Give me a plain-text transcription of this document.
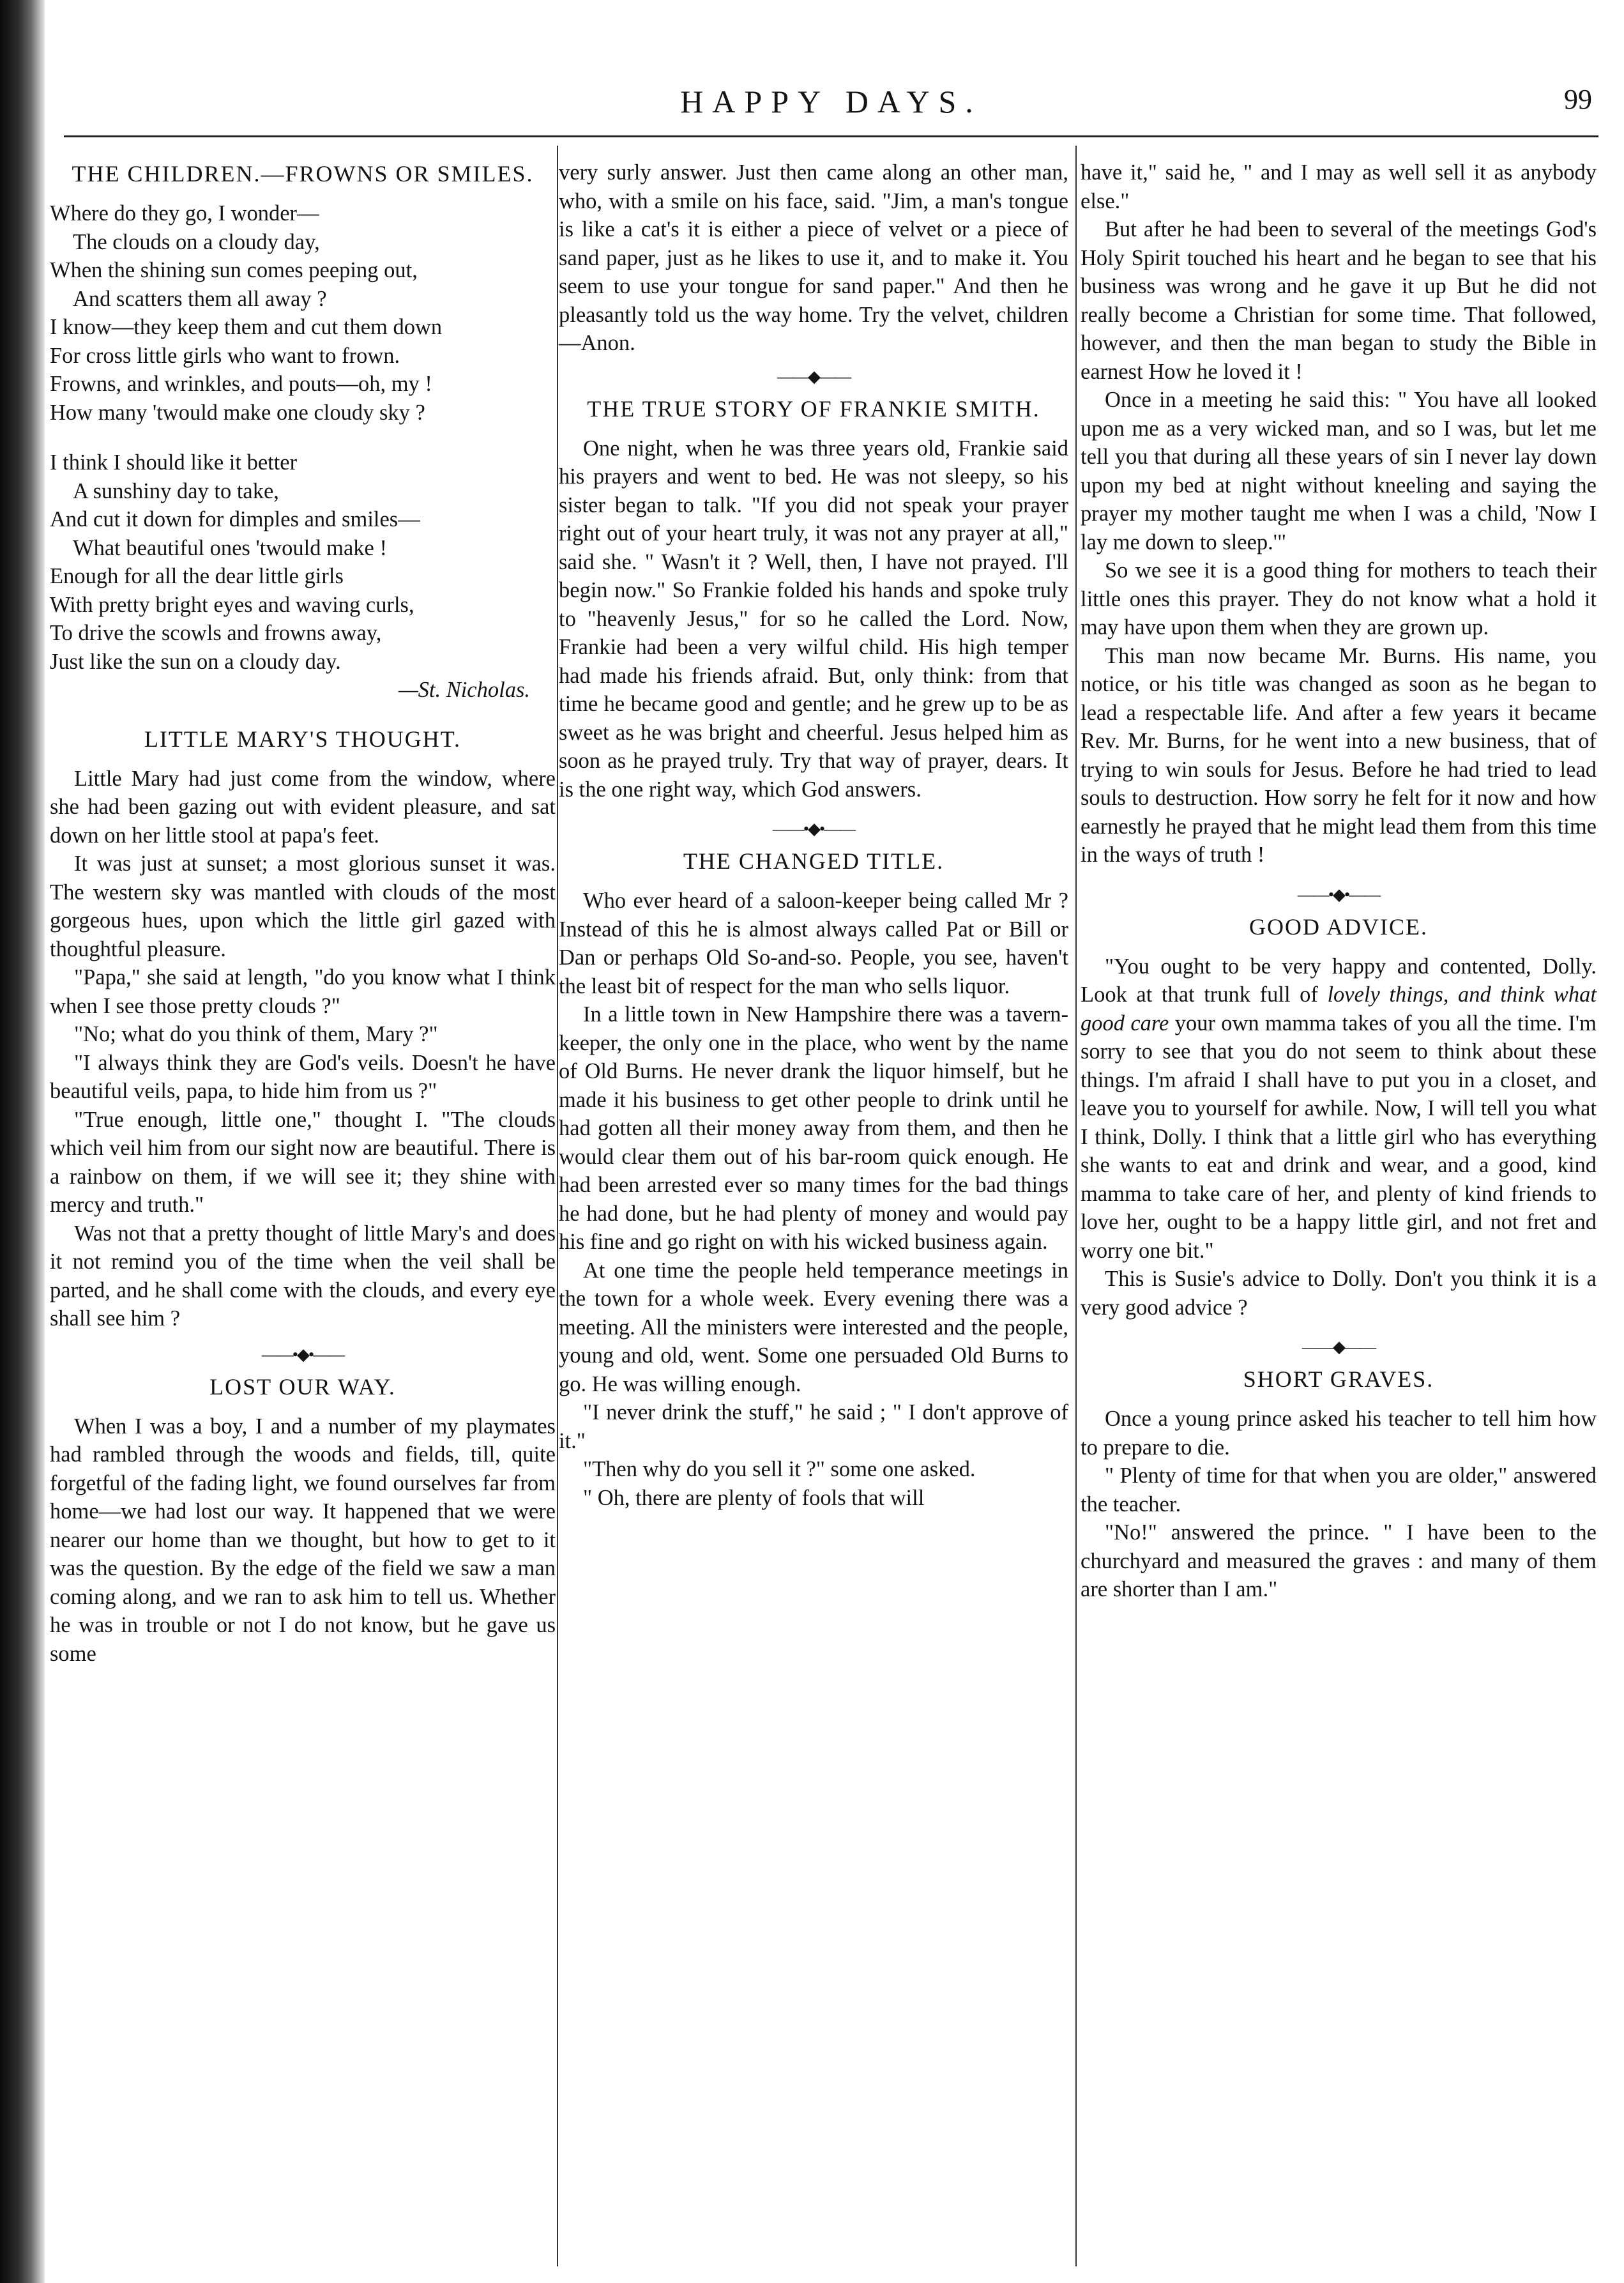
HAPPY DAYS.	99
THE CHILDREN.—FROWNS OR SMILES.
Where do they go, I wonder—
The clouds on a cloudy day,
When the shining sun comes peeping out,
And scatters them all away ?
I know—they keep them and cut them down
For cross little girls who want to frown.
Frowns, and wrinkles, and pouts—oh, my !
How many 'twould make one cloudy sky ?
I think I should like it better
A sunshiny day to take,
And cut it down for dimples and smiles—
What beautiful ones 'twould make !
Enough for all the dear little girls
With pretty bright eyes and waving curls,
To drive the scowls and frowns away,
Just like the sun on a cloudy day.
—St. Nicholas.
LITTLE MARY'S THOUGHT.

Little Mary had just come from the window, where she had been gazing out with evident pleasure, and sat down on her little stool at papa's feet.

It was just at sunset; a most glorious sunset it was. The western sky was mantled with clouds of the most gorgeous hues, upon which the little girl gazed with thoughtful pleasure.

"Papa," she said at length, "do you know what I think when I see those pretty clouds ?"

"No; what do you think of them, Mary ?"

"I always think they are God's veils. Doesn't he have beautiful veils, papa, to hide him from us ?"

"True enough, little one," thought I. "The clouds which veil him from our sight now are beautiful. There is a rainbow on them, if we will see it; they shine with mercy and truth."

Was not that a pretty thought of little Mary's and does it not remind you of the time when the veil shall be parted, and he shall come with the clouds, and every eye shall see him ?

——•◆•——
LOST OUR WAY.

When I was a boy, I and a number of my playmates had rambled through the woods and fields, till, quite forgetful of the fading light, we found ourselves far from home—we had lost our way. It happened that we were nearer our home than we thought, but how to get to it was the question. By the edge of the field we saw a man coming along, and we ran to ask him to tell us. Whether he was in trouble or not I do not know, but he gave us some

very surly answer. Just then came along an other man, who, with a smile on his face, said. "Jim, a man's tongue is like a cat's it is either a piece of velvet or a piece of sand paper, just as he likes to use it, and to make it. You seem to use your tongue for sand paper." And then he pleasantly told us the way home. Try the velvet, children —Anon.

——◆——
THE TRUE STORY OF FRANKIE SMITH.

One night, when he was three years old, Frankie said his prayers and went to bed. He was not sleepy, so his sister began to talk. "If you did not speak your prayer right out of your heart truly, it was not any prayer at all," said she. " Wasn't it ? Well, then, I have not prayed. I'll begin now." So Frankie folded his hands and spoke truly to "heavenly Jesus," for so he called the Lord. Now, Frankie had been a very wilful child. His high temper had made his friends afraid. But, only think: from that time he became good and gentle; and he grew up to be as sweet as he was bright and cheerful. Jesus helped him as soon as he prayed truly. Try that way of prayer, dears. It is the one right way, which God answers.

——•◆•——
THE CHANGED TITLE.

Who ever heard of a saloon-keeper being called Mr ? Instead of this he is almost always called Pat or Bill or Dan or perhaps Old So-and-so. People, you see, haven't the least bit of respect for the man who sells liquor.

In a little town in New Hampshire there was a tavern-keeper, the only one in the place, who went by the name of Old Burns. He never drank the liquor himself, but he made it his business to get other people to drink until he had gotten all their money away from them, and then he would clear them out of his bar-room quick enough. He had been arrested ever so many times for the bad things he had done, but he had plenty of money and would pay his fine and go right on with his wicked business again.

At one time the people held temperance meetings in the town for a whole week. Every evening there was a meeting. All the ministers were interested and the people, young and old, went. Some one persuaded Old Burns to go. He was willing enough.

"I never drink the stuff," he said ; " I don't approve of it."

"Then why do you sell it ?" some one asked.

" Oh, there are plenty of fools that will

have it," said he, " and I may as well sell it as anybody else."

But after he had been to several of the meetings God's Holy Spirit touched his heart and he began to see that his business was wrong and he gave it up But he did not really become a Christian for some time. That followed, however, and then the man began to study the Bible in earnest How he loved it !

Once in a meeting he said this: " You have all looked upon me as a very wicked man, and so I was, but let me tell you that during all these years of sin I never lay down upon my bed at night without kneeling and saying the prayer my mother taught me when I was a child, 'Now I lay me down to sleep.'"

So we see it is a good thing for mothers to teach their little ones this prayer. They do not know what a hold it may have upon them when they are grown up.

This man now became Mr. Burns. His name, you notice, or his title was changed as soon as he began to lead a respectable life. And after a few years it became Rev. Mr. Burns, for he went into a new business, that of trying to win souls for Jesus. Before he had tried to lead souls to destruction. How sorry he felt for it now and how earnestly he prayed that he might lead them from this time in the ways of truth !

——•◆•——
GOOD ADVICE.

"You ought to be very happy and contented, Dolly. Look at that trunk full of lovely things, and think what good care your own mamma takes of you all the time. I'm sorry to see that you do not seem to think about these things. I'm afraid I shall have to put you in a closet, and leave you to yourself for awhile. Now, I will tell you what I think, Dolly. I think that a little girl who has everything she wants to eat and drink and wear, and a good, kind mamma to take care of her, and plenty of kind friends to love her, ought to be a happy little girl, and not fret and worry one bit."

This is Susie's advice to Dolly. Don't you think it is a very good advice ?

——◆——
SHORT GRAVES.

Once a young prince asked his teacher to tell him how to prepare to die.

" Plenty of time for that when you are older," answered the teacher.

"No!" answered the prince. " I have been to the churchyard and measured the graves : and many of them are shorter than I am."
